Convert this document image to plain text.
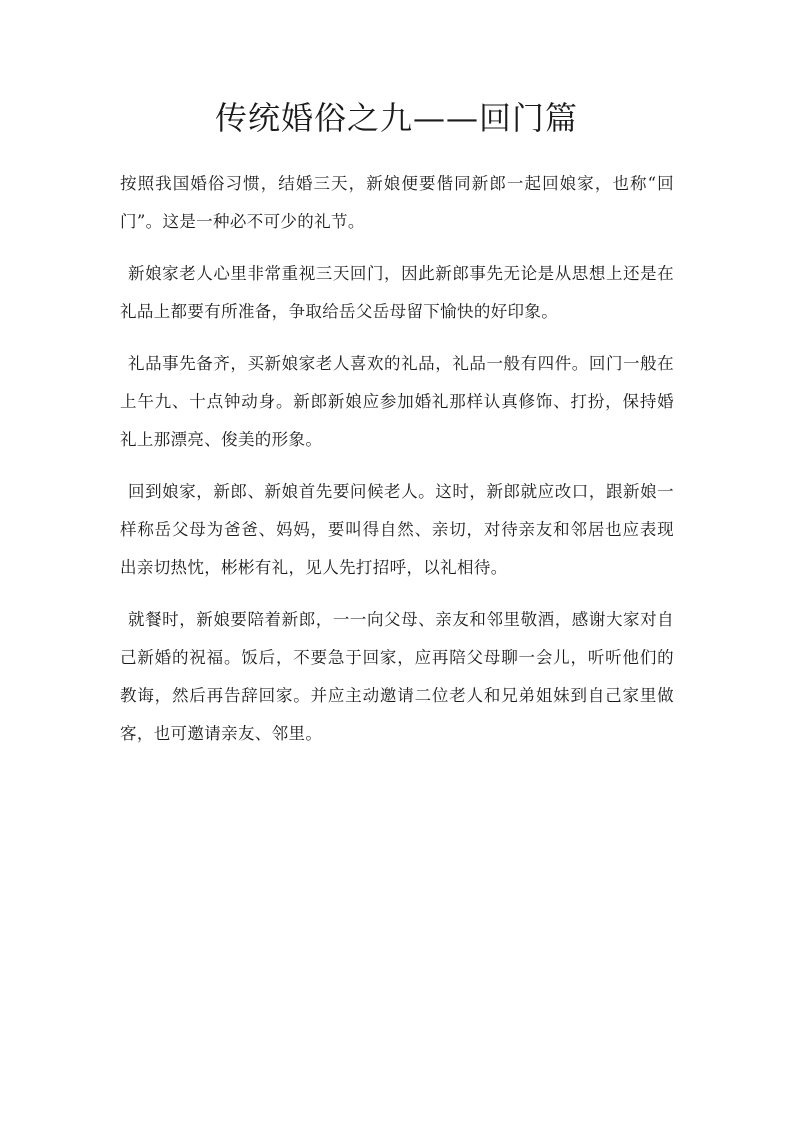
传统婚俗之九——回门篇

按照我国婚俗习惯，结婚三天，新娘便要偕同新郎一起回娘家，也称“回门”。这是一种必不可少的礼节。

新娘家老人心里非常重视三天回门，因此新郎事先无论是从思想上还是在礼品上都要有所准备，争取给岳父岳母留下愉快的好印象。

礼品事先备齐，买新娘家老人喜欢的礼品，礼品一般有四件。回门一般在上午九、十点钟动身。新郎新娘应参加婚礼那样认真修饰、打扮，保持婚礼上那漂亮、俊美的形象。

回到娘家，新郎、新娘首先要问候老人。这时，新郎就应改口，跟新娘一样称岳父母为爸爸、妈妈，要叫得自然、亲切，对待亲友和邻居也应表现出亲切热忱，彬彬有礼，见人先打招呼，以礼相待。

就餐时，新娘要陪着新郎，一一向父母、亲友和邻里敬酒，感谢大家对自己新婚的祝福。饭后，不要急于回家，应再陪父母聊一会儿，听听他们的教诲，然后再告辞回家。并应主动邀请二位老人和兄弟姐妹到自己家里做客，也可邀请亲友、邻里。
